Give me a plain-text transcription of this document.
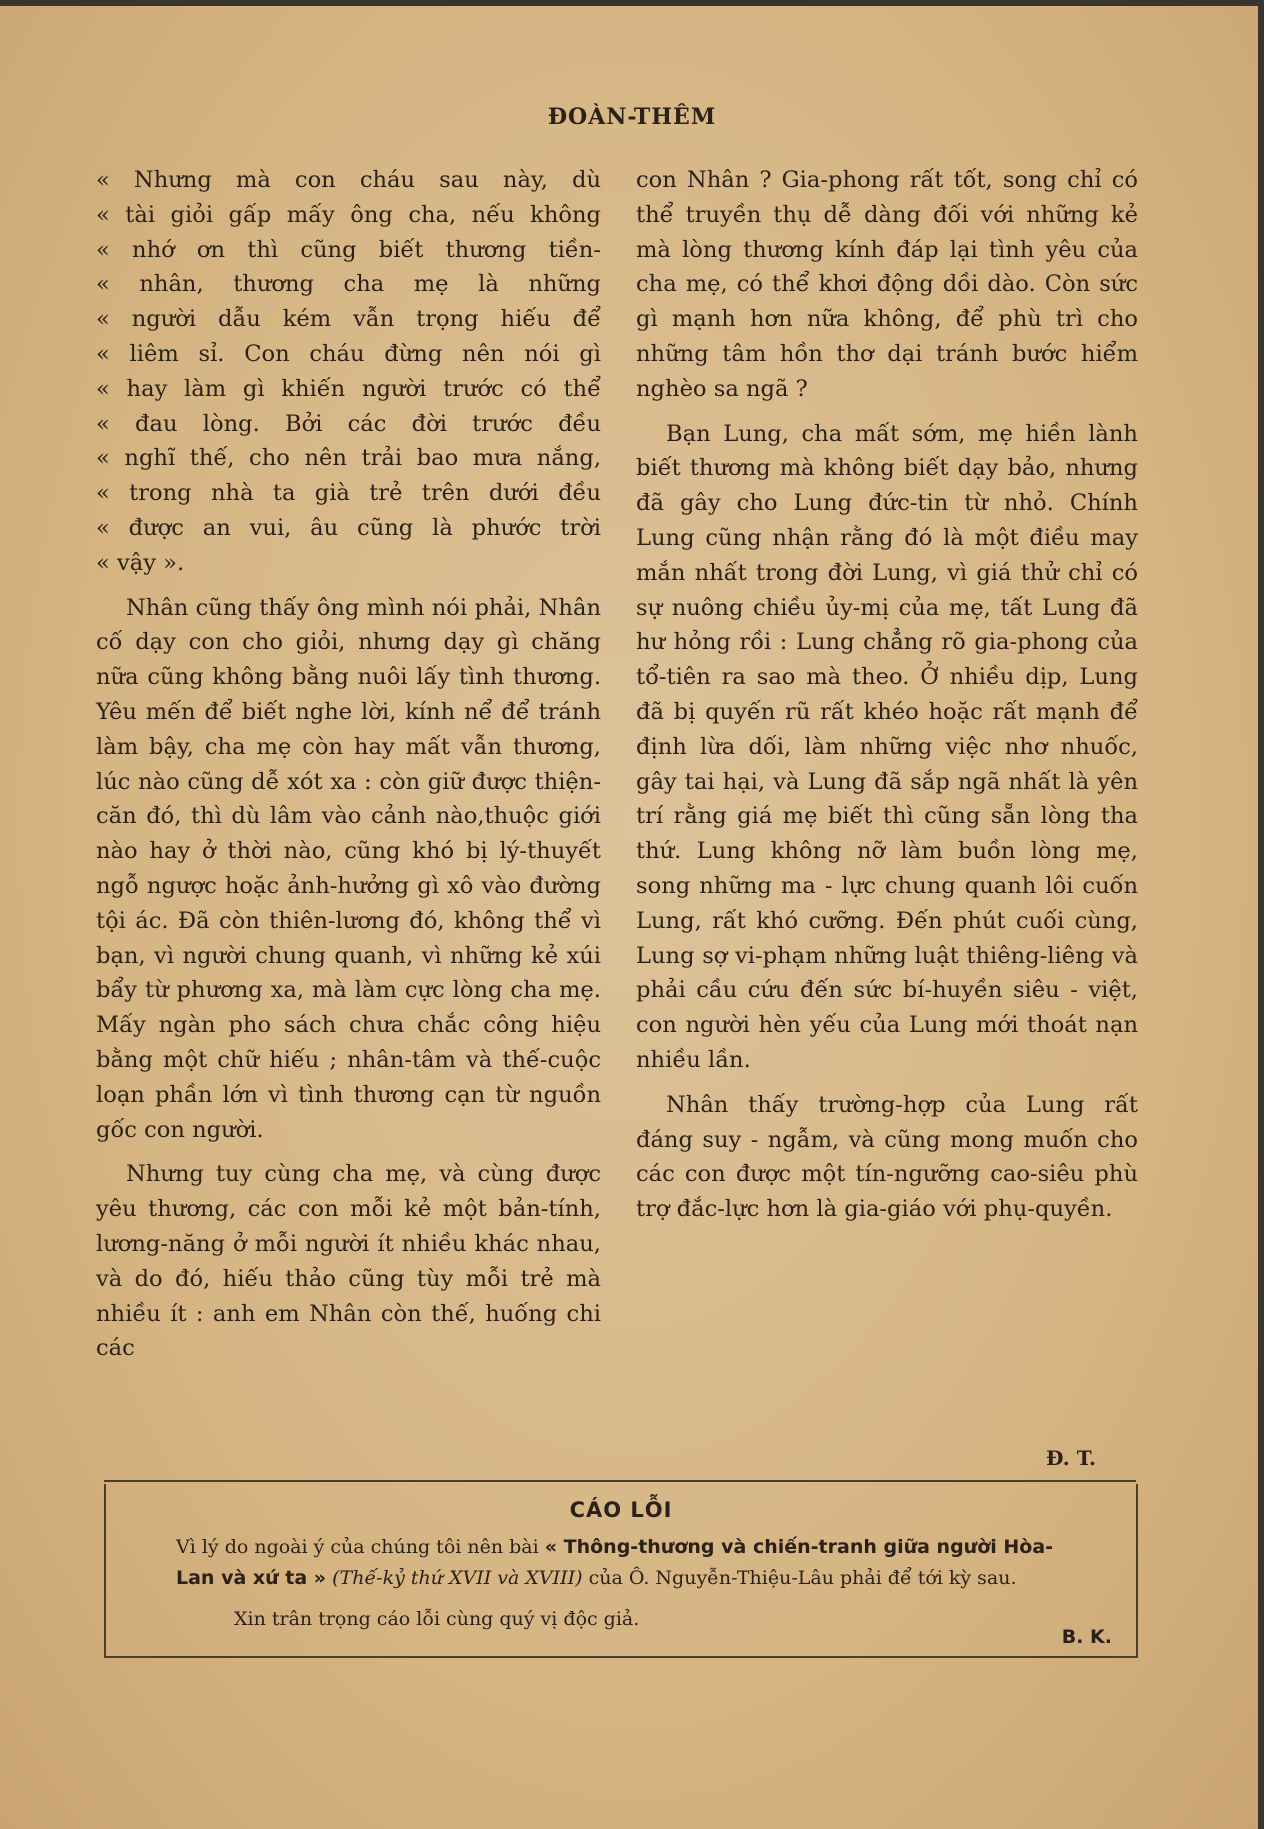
ĐOÀN-THÊM
« Nhưng mà con cháu sau này, dù
« tài giỏi gấp mấy ông cha, nếu không
« nhớ ơn thì cũng biết thương tiền-
« nhân, thương cha mẹ là những
« người dẫu kém vẫn trọng hiếu để
« liêm sỉ. Con cháu đừng nên nói gì
« hay làm gì khiến người trước có thể
« đau lòng. Bởi các đời trước đều
« nghĩ thế, cho nên trải bao mưa nắng,
« trong nhà ta già trẻ trên dưới đều
« được an vui, âu cũng là phước trời
« vậy ».

Nhân cũng thấy ông mình nói phải, Nhân cố dạy con cho giỏi, nhưng dạy gì chăng nữa cũng không bằng nuôi lấy tình thương. Yêu mến để biết nghe lời, kính nể để tránh làm bậy, cha mẹ còn hay mất vẫn thương, lúc nào cũng dễ xót xa : còn giữ được thiện-căn đó, thì dù lâm vào cảnh nào,thuộc giới nào hay ở thời nào, cũng khó bị lý-thuyết ngỗ ngược hoặc ảnh-hưởng gì xô vào đường tội ác. Đã còn thiên-lương đó, không thể vì bạn, vì người chung quanh, vì những kẻ xúi bẩy từ phương xa, mà làm cực lòng cha mẹ. Mấy ngàn pho sách chưa chắc công hiệu bằng một chữ hiếu ; nhân-tâm và thế-cuộc loạn phần lớn vì tình thương cạn từ nguồn gốc con người.

Nhưng tuy cùng cha mẹ, và cùng được yêu thương, các con mỗi kẻ một bản-tính, lương-năng ở mỗi người ít nhiều khác nhau, và do đó, hiếu thảo cũng tùy mỗi trẻ mà nhiều ít : anh em Nhân còn thế, huống chi các

con Nhân ? Gia-phong rất tốt, song chỉ có thể truyền thụ dễ dàng đối với những kẻ mà lòng thương kính đáp lại tình yêu của cha mẹ, có thể khơi động dồi dào. Còn sức gì mạnh hơn nữa không, để phù trì cho những tâm hồn thơ dại tránh bước hiểm nghèo sa ngã ?

Bạn Lung, cha mất sớm, mẹ hiền lành biết thương mà không biết dạy bảo, nhưng đã gây cho Lung đức-tin từ nhỏ. Chính Lung cũng nhận rằng đó là một điều may mắn nhất trong đời Lung, vì giá thử chỉ có sự nuông chiều ủy-mị của mẹ, tất Lung đã hư hỏng rồi : Lung chẳng rõ gia-phong của tổ-tiên ra sao mà theo. Ở nhiều dịp, Lung đã bị quyến rũ rất khéo hoặc rất mạnh để định lừa dối, làm những việc nhơ nhuốc, gây tai hại, và Lung đã sắp ngã nhất là yên trí rằng giá mẹ biết thì cũng sẵn lòng tha thứ. Lung không nỡ làm buồn lòng mẹ, song những ma - lực chung quanh lôi cuốn Lung, rất khó cưỡng. Đến phút cuối cùng, Lung sợ vi-phạm những luật thiêng-liêng và phải cầu cứu đến sức bí-huyền siêu - việt, con người hèn yếu của Lung mới thoát nạn nhiều lần.

Nhân thấy trường-hợp của Lung rất đáng suy - ngẫm, và cũng mong muốn cho các con được một tín-ngưỡng cao-siêu phù trợ đắc-lực hơn là gia-giáo với phụ-quyền.

Đ. T.
CÁO LỖI
Vì lý do ngoài ý của chúng tôi nên bài « Thông-thương và chiến-tranh giữa người Hòa-Lan và xứ ta » (Thế-kỷ thứ XVII và XVIII) của Ô. Nguyễn-Thiệu-Lâu phải để tới kỳ sau.
Xin trân trọng cáo lỗi cùng quý vị độc giả.
B. K.
